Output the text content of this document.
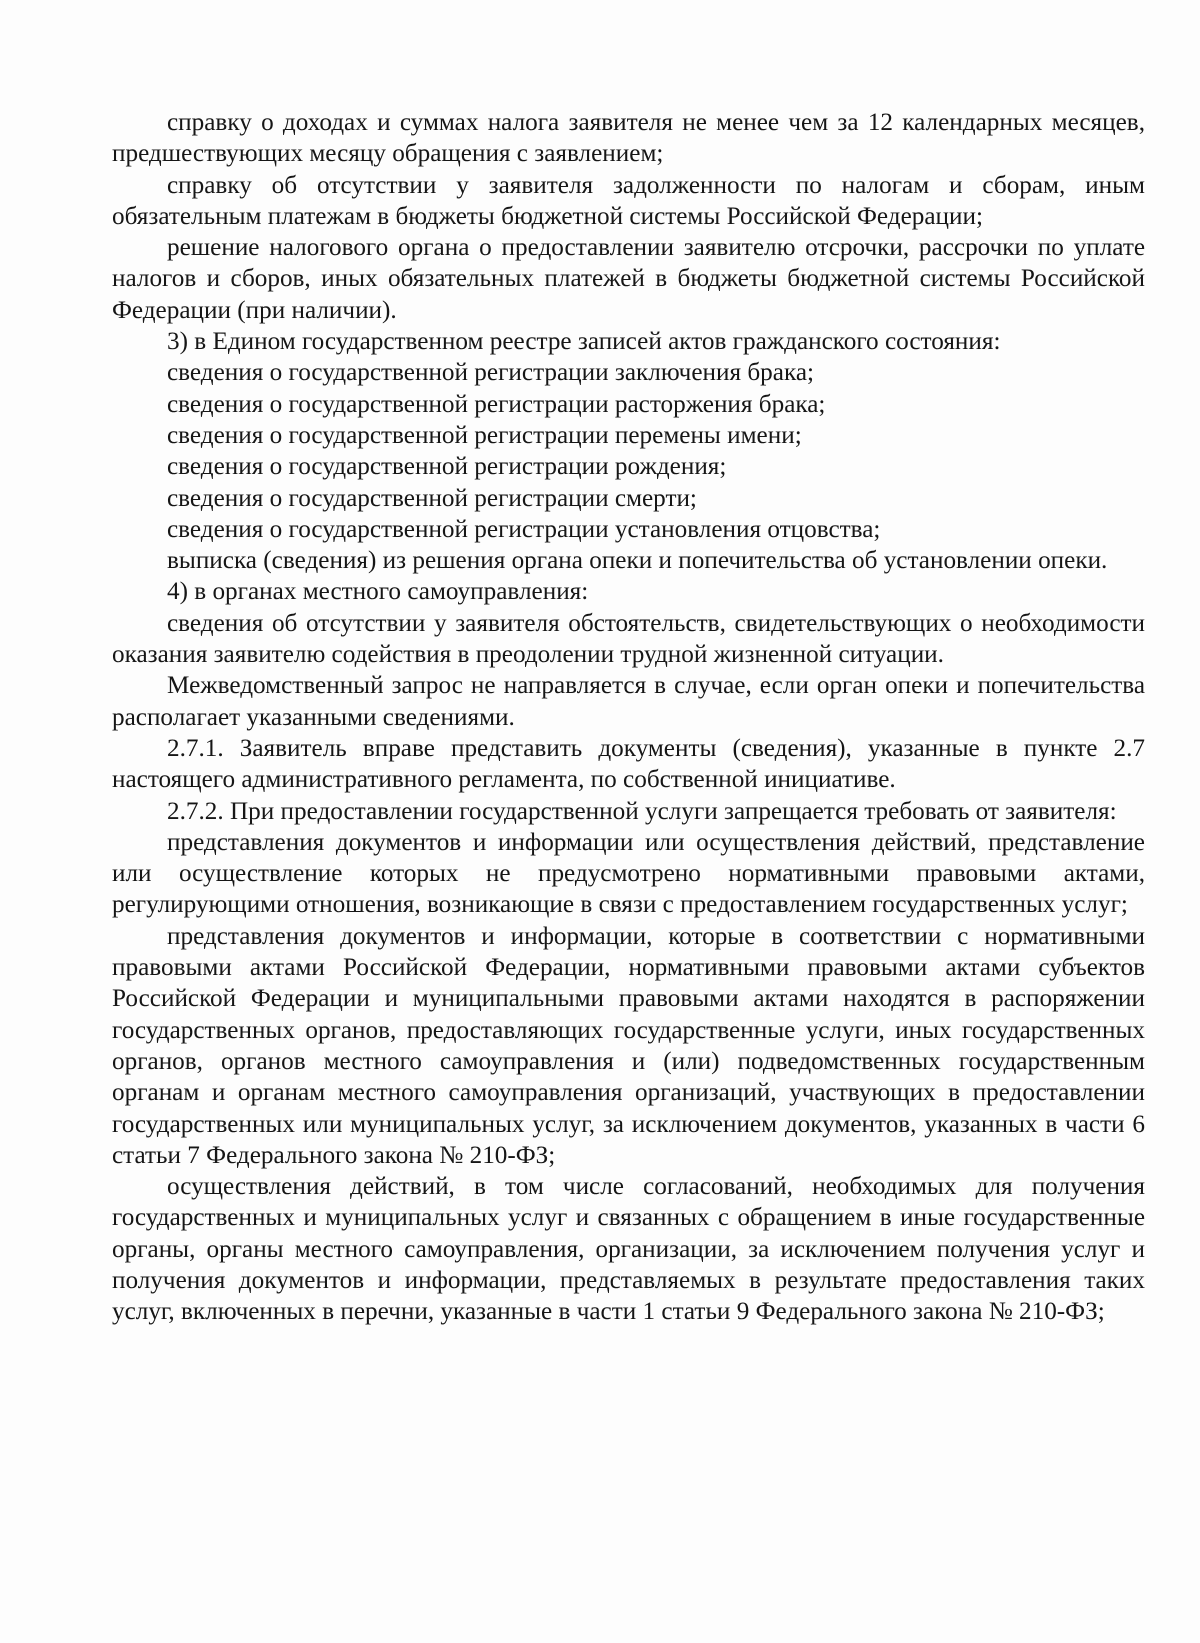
справку о доходах и суммах налога заявителя не менее чем за 12 календарных месяцев, предшествующих месяцу обращения с заявлением;

справку об отсутствии у заявителя задолженности по налогам и сборам, иным обязательным платежам в бюджеты бюджетной системы Российской Федерации;

решение налогового органа о предоставлении заявителю отсрочки, рассрочки по уплате налогов и сборов, иных обязательных платежей в бюджеты бюджетной системы Российской Федерации (при наличии).

3) в Едином государственном реестре записей актов гражданского состояния:

сведения о государственной регистрации заключения брака;

сведения о государственной регистрации расторжения брака;

сведения о государственной регистрации перемены имени;

сведения о государственной регистрации рождения;

сведения о государственной регистрации смерти;

сведения о государственной регистрации установления отцовства;

выписка (сведения) из решения органа опеки и попечительства об установлении опеки.

4) в органах местного самоуправления:

сведения об отсутствии у заявителя обстоятельств, свидетельствующих о необходимости оказания заявителю содействия в преодолении трудной жизненной ситуации.

Межведомственный запрос не направляется в случае, если орган опеки и попечительства располагает указанными сведениями.

2.7.1. Заявитель вправе представить документы (сведения), указанные в пункте 2.7 настоящего административного регламента, по собственной инициативе.

2.7.2. При предоставлении государственной услуги запрещается требовать от заявителя:

представления документов и информации или осуществления действий, представление или осуществление которых не предусмотрено нормативными правовыми актами, регулирующими отношения, возникающие в связи с предоставлением государственных услуг;

представления документов и информации, которые в соответствии с нормативными правовыми актами Российской Федерации, нормативными правовыми актами субъектов Российской Федерации и муниципальными правовыми актами находятся в распоряжении государственных органов, предоставляющих государственные услуги, иных государственных органов, органов местного самоуправления и (или) подведомственных государственным органам и органам местного самоуправления организаций, участвующих в предоставлении государственных или муниципальных услуг, за исключением документов, указанных в части 6 статьи 7 Федерального закона № 210-ФЗ;

осуществления действий, в том числе согласований, необходимых для получения государственных и муниципальных услуг и связанных с обращением в иные государственные органы, органы местного самоуправления, организации, за исключением получения услуг и получения документов и информации, представляемых в результате предоставления таких услуг, включенных в перечни, указанные в части 1 статьи 9 Федерального закона № 210-ФЗ;
